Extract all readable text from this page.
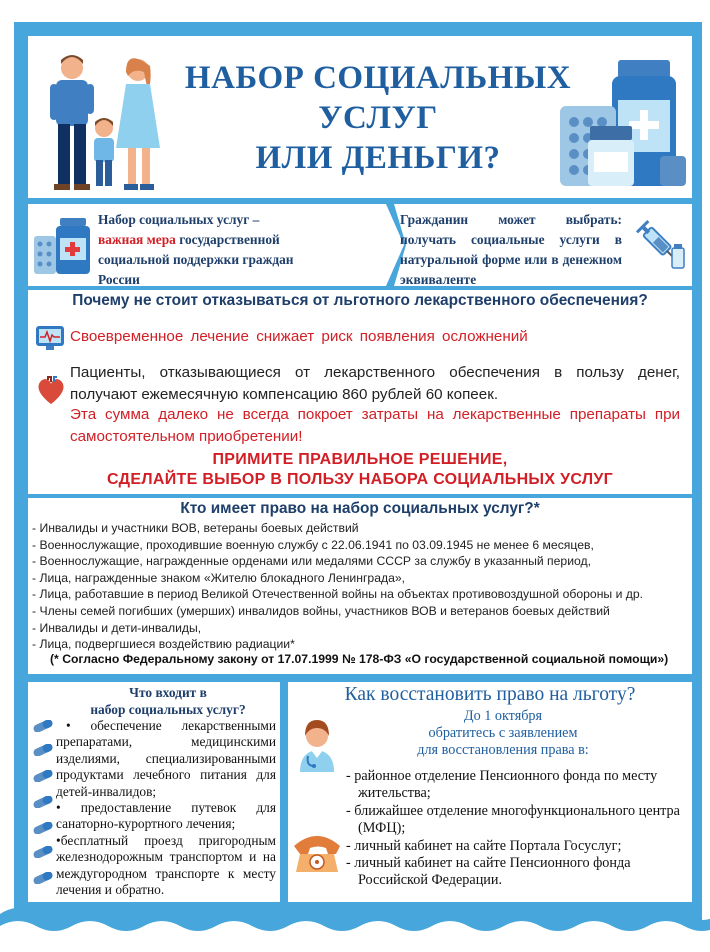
НАБОР СОЦИАЛЬНЫХ
УСЛУГ
ИЛИ ДЕНЬГИ?
Набор социальных услуг –
важная мера государственной социальной поддержки граждан России
Гражданин может выбрать: получать социальные услуги в натуральной форме или в денежном эквиваленте
Почему не стоит отказываться от льготного лекарственного обеспечения?
Своевременное лечение снижает риск появления осложнений
Пациенты, отказывающиеся от лекарственного обеспечения в пользу денег, получают ежемесячную компенсацию 860 рублей 60 копеек.
Эта сумма далеко не всегда покроет затраты на лекарственные препараты при самостоятельном приобретении!
ПРИМИТЕ ПРАВИЛЬНОЕ РЕШЕНИЕ,
СДЕЛАЙТЕ ВЫБОР В ПОЛЬЗУ НАБОРА СОЦИАЛЬНЫХ УСЛУГ
Кто имеет право на набор социальных услуг?*
- Инвалиды и участники ВОВ, ветераны боевых действий
- Военнослужащие, проходившие военную службу с 22.06.1941 по 03.09.1945 не менее 6 месяцев,
- Военнослужащие, награжденные орденами или медалями СССР за службу в указанный период,
- Лица, награжденные знаком «Жителю блокадного Ленинграда»,
- Лица, работавшие в период Великой Отечественной войны на объектах противовоздушной обороны и др.
- Члены семей погибших (умерших) инвалидов войны, участников ВОВ и ветеранов боевых действий
- Инвалиды и дети-инвалиды,
- Лица, подвергшиеся воздействию радиации*
(* Согласно Федеральному закону от 17.07.1999 № 178-ФЗ «О государственной социальной помощи»)
Что входит в
набор социальных услуг?

• обеспечение лекарственными препаратами, медицинскими изделиями, специализированными продуктами лечебного питания для детей-инвалидов;

• предоставление путевок для санаторно-курортного лечения;

•бесплатный проезд пригородным железнодорожным транспортом и на междугородном транспорте к месту лечения и обратно.

Как восстановить право на льготу?
До 1 октября
обратитесь с заявлением
для восстановления права в:
- районное отделение Пенсионного фонда по месту жительства;
- ближайшее отделение многофункционального центра (МФЦ);
- личный кабинет на сайте Портала Госуслуг;
- личный кабинет на сайте Пенсионного фонда Российской Федерации.
